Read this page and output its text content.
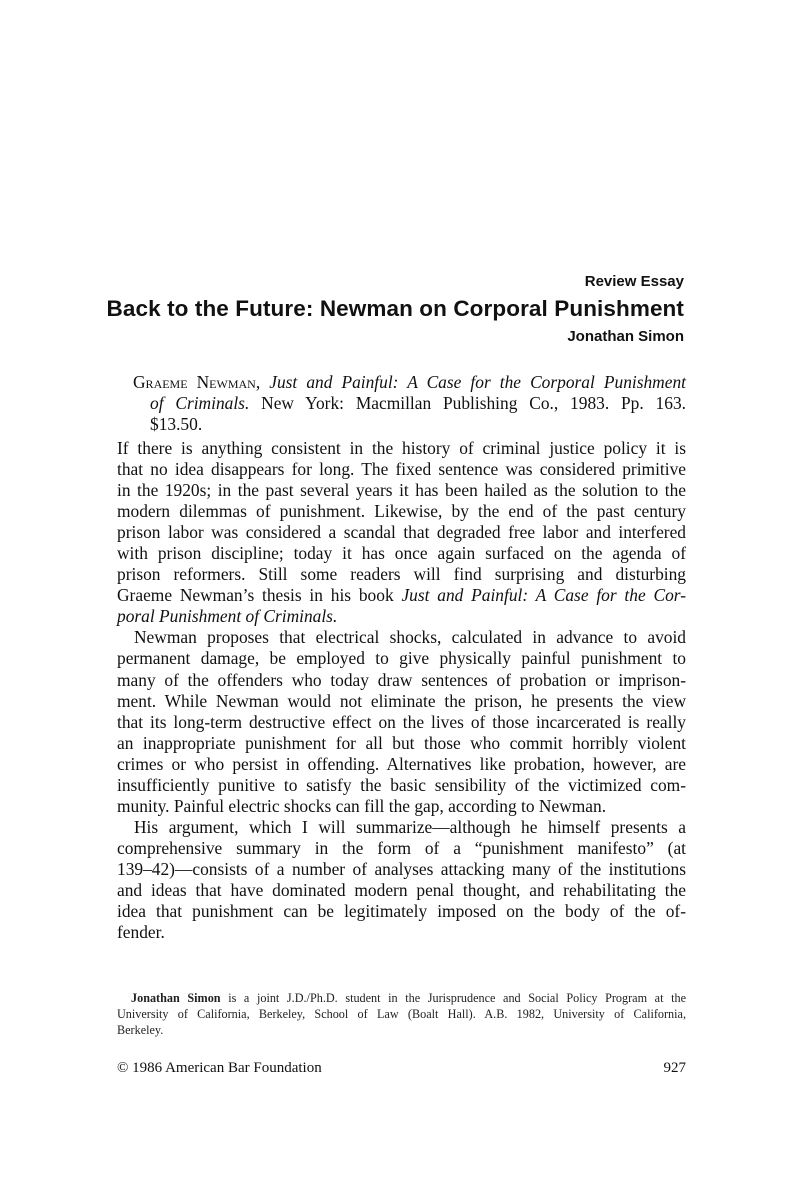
Review Essay
Back to the Future: Newman on Corporal Punishment
Jonathan Simon
Graeme Newman, Just and Painful: A Case for the Corporal Punishment
of Criminals. New York: Macmillan Publishing Co., 1983. Pp. 163.
$13.50.
If there is anything consistent in the history of criminal justice policy it is
that no idea disappears for long. The fixed sentence was considered primitive
in the 1920s; in the past several years it has been hailed as the solution to the
modern dilemmas of punishment. Likewise, by the end of the past century
prison labor was considered a scandal that degraded free labor and interfered
with prison discipline; today it has once again surfaced on the agenda of
prison reformers. Still some readers will find surprising and disturbing
Graeme Newman’s thesis in his book Just and Painful: A Case for the Cor-
poral Punishment of Criminals.
Newman proposes that electrical shocks, calculated in advance to avoid
permanent damage, be employed to give physically painful punishment to
many of the offenders who today draw sentences of probation or imprison-
ment. While Newman would not eliminate the prison, he presents the view
that its long-term destructive effect on the lives of those incarcerated is really
an inappropriate punishment for all but those who commit horribly violent
crimes or who persist in offending. Alternatives like probation, however, are
insufficiently punitive to satisfy the basic sensibility of the victimized com-
munity. Painful electric shocks can fill the gap, according to Newman.
His argument, which I will summarize—although he himself presents a
comprehensive summary in the form of a “punishment manifesto” (at
139–42)—consists of a number of analyses attacking many of the institutions
and ideas that have dominated modern penal thought, and rehabilitating the
idea that punishment can be legitimately imposed on the body of the of-
fender.
Jonathan Simon is a joint J.D./Ph.D. student in the Jurisprudence and Social Policy Program at the
University of California, Berkeley, School of Law (Boalt Hall). A.B. 1982, University of California,
Berkeley.
© 1986 American Bar Foundation	927
